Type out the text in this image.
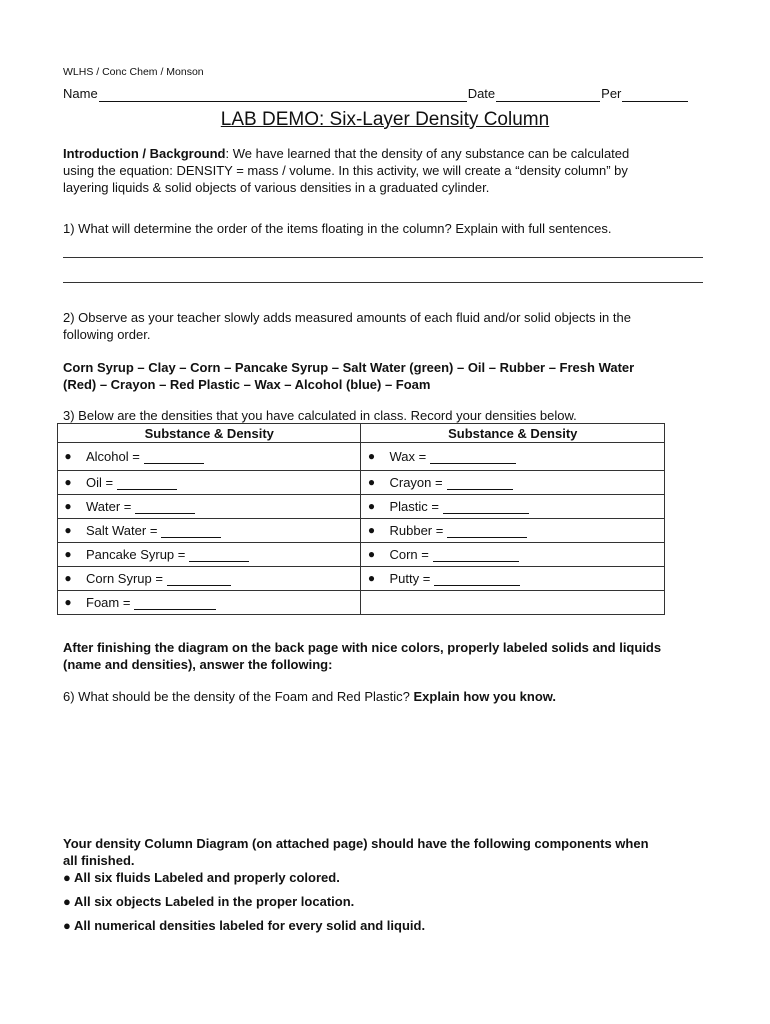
WLHS / Conc Chem / Monson
Name	Date	Per
LAB DEMO: Six-Layer Density Column
Introduction / Background: We have learned that the density of any substance can be calculated
using the equation: DENSITY = mass / volume. In this activity, we will create a “density column” by
layering liquids & solid objects of various densities in a graduated cylinder.
1) What will determine the order of the items floating in the column? Explain with full sentences.
2) Observe as your teacher slowly adds measured amounts of each fluid and/or solid objects in the
following order.
Corn Syrup – Clay – Corn – Pancake Syrup – Salt Water (green) – Oil – Rubber – Fresh Water
(Red) – Crayon – Red Plastic – Wax – Alcohol (blue) – Foam
3) Below are the densities that you have calculated in class. Record your densities below.
Substance & Density	Substance & Density

● Alcohol =	● Wax =

● Oil =	● Crayon =

● Water =	● Plastic =

● Salt Water =	● Rubber =

● Pancake Syrup =	● Corn =

● Corn Syrup =	● Putty =

● Foam =	

After finishing the diagram on the back page with nice colors, properly labeled solids and liquids
(name and densities), answer the following:
6) What should be the density of the Foam and Red Plastic? Explain how you know.
Your density Column Diagram (on attached page) should have the following components when
all finished.
● All six fluids Labeled and properly colored.
● All six objects Labeled in the proper location.
● All numerical densities labeled for every solid and liquid.
